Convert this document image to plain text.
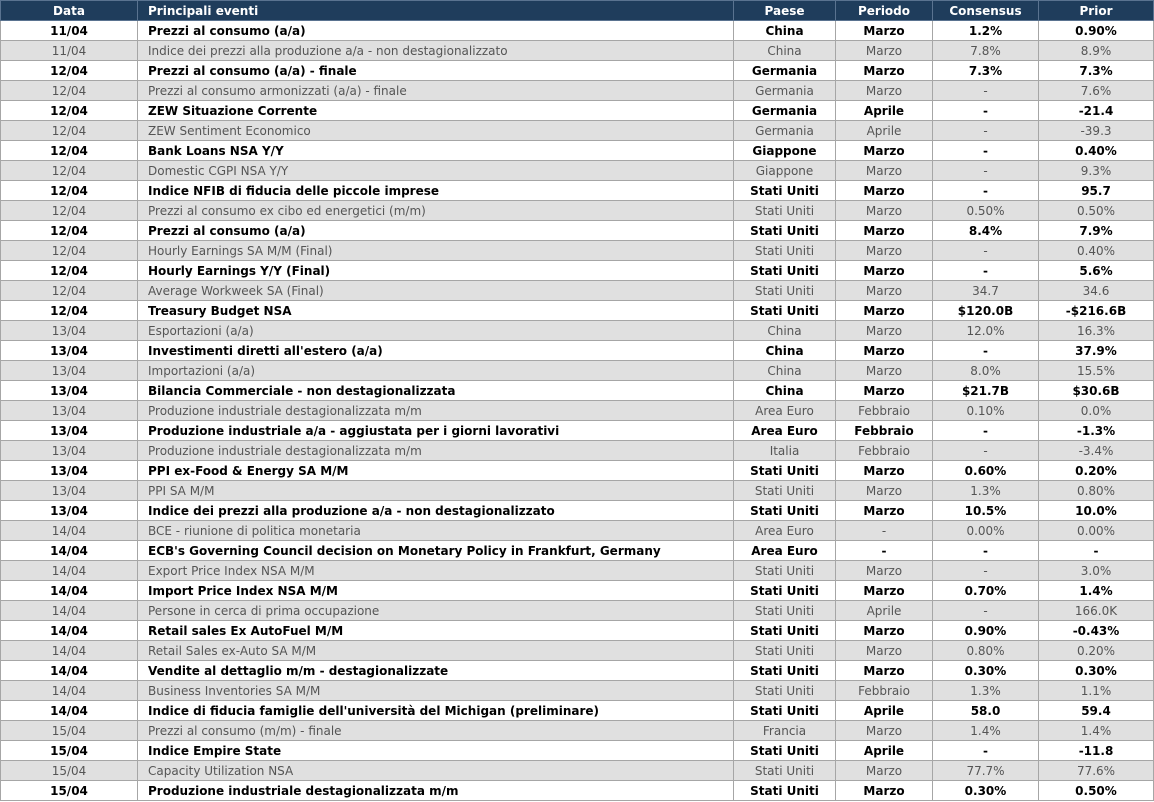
Data	Principali eventi	Paese	Periodo	Consensus	Prior
11/04	Prezzi al consumo (a/a)	China	Marzo	1.2%	0.90%
11/04	Indice dei prezzi alla produzione a/a - non destagionalizzato	China	Marzo	7.8%	8.9%
12/04	Prezzi al consumo (a/a) - finale	Germania	Marzo	7.3%	7.3%
12/04	Prezzi al consumo armonizzati (a/a) - finale	Germania	Marzo	-	7.6%
12/04	ZEW Situazione Corrente	Germania	Aprile	-	-21.4
12/04	ZEW Sentiment Economico	Germania	Aprile	-	-39.3
12/04	Bank Loans NSA Y/Y	Giappone	Marzo	-	0.40%
12/04	Domestic CGPI NSA Y/Y	Giappone	Marzo	-	9.3%
12/04	Indice NFIB di fiducia delle piccole imprese	Stati Uniti	Marzo	-	95.7
12/04	Prezzi al consumo ex cibo ed energetici (m/m)	Stati Uniti	Marzo	0.50%	0.50%
12/04	Prezzi al consumo (a/a)	Stati Uniti	Marzo	8.4%	7.9%
12/04	Hourly Earnings SA M/M (Final)	Stati Uniti	Marzo	-	0.40%
12/04	Hourly Earnings Y/Y (Final)	Stati Uniti	Marzo	-	5.6%
12/04	Average Workweek SA (Final)	Stati Uniti	Marzo	34.7	34.6
12/04	Treasury Budget NSA	Stati Uniti	Marzo	$120.0B	-$216.6B
13/04	Esportazioni (a/a)	China	Marzo	12.0%	16.3%
13/04	Investimenti diretti all'estero (a/a)	China	Marzo	-	37.9%
13/04	Importazioni (a/a)	China	Marzo	8.0%	15.5%
13/04	Bilancia Commerciale - non destagionalizzata	China	Marzo	$21.7B	$30.6B
13/04	Produzione industriale destagionalizzata m/m	Area Euro	Febbraio	0.10%	0.0%
13/04	Produzione industriale a/a - aggiustata per i giorni lavorativi	Area Euro	Febbraio	-	-1.3%
13/04	Produzione industriale destagionalizzata m/m	Italia	Febbraio	-	-3.4%
13/04	PPI ex-Food & Energy SA M/M	Stati Uniti	Marzo	0.60%	0.20%
13/04	PPI SA M/M	Stati Uniti	Marzo	1.3%	0.80%
13/04	Indice dei prezzi alla produzione a/a - non destagionalizzato	Stati Uniti	Marzo	10.5%	10.0%
14/04	BCE - riunione di politica monetaria	Area Euro	-	0.00%	0.00%
14/04	ECB's Governing Council decision on Monetary Policy in Frankfurt, Germany	Area Euro	-	-	-
14/04	Export Price Index NSA M/M	Stati Uniti	Marzo	-	3.0%
14/04	Import Price Index NSA M/M	Stati Uniti	Marzo	0.70%	1.4%
14/04	Persone in cerca di prima occupazione	Stati Uniti	Aprile	-	166.0K
14/04	Retail sales Ex AutoFuel M/M	Stati Uniti	Marzo	0.90%	-0.43%
14/04	Retail Sales ex-Auto SA M/M	Stati Uniti	Marzo	0.80%	0.20%
14/04	Vendite al dettaglio m/m - destagionalizzate	Stati Uniti	Marzo	0.30%	0.30%
14/04	Business Inventories SA M/M	Stati Uniti	Febbraio	1.3%	1.1%
14/04	Indice di fiducia famiglie dell'università del Michigan (preliminare)	Stati Uniti	Aprile	58.0	59.4
15/04	Prezzi al consumo (m/m) - finale	Francia	Marzo	1.4%	1.4%
15/04	Indice Empire State	Stati Uniti	Aprile	-	-11.8
15/04	Capacity Utilization NSA	Stati Uniti	Marzo	77.7%	77.6%
15/04	Produzione industriale destagionalizzata m/m	Stati Uniti	Marzo	0.30%	0.50%
